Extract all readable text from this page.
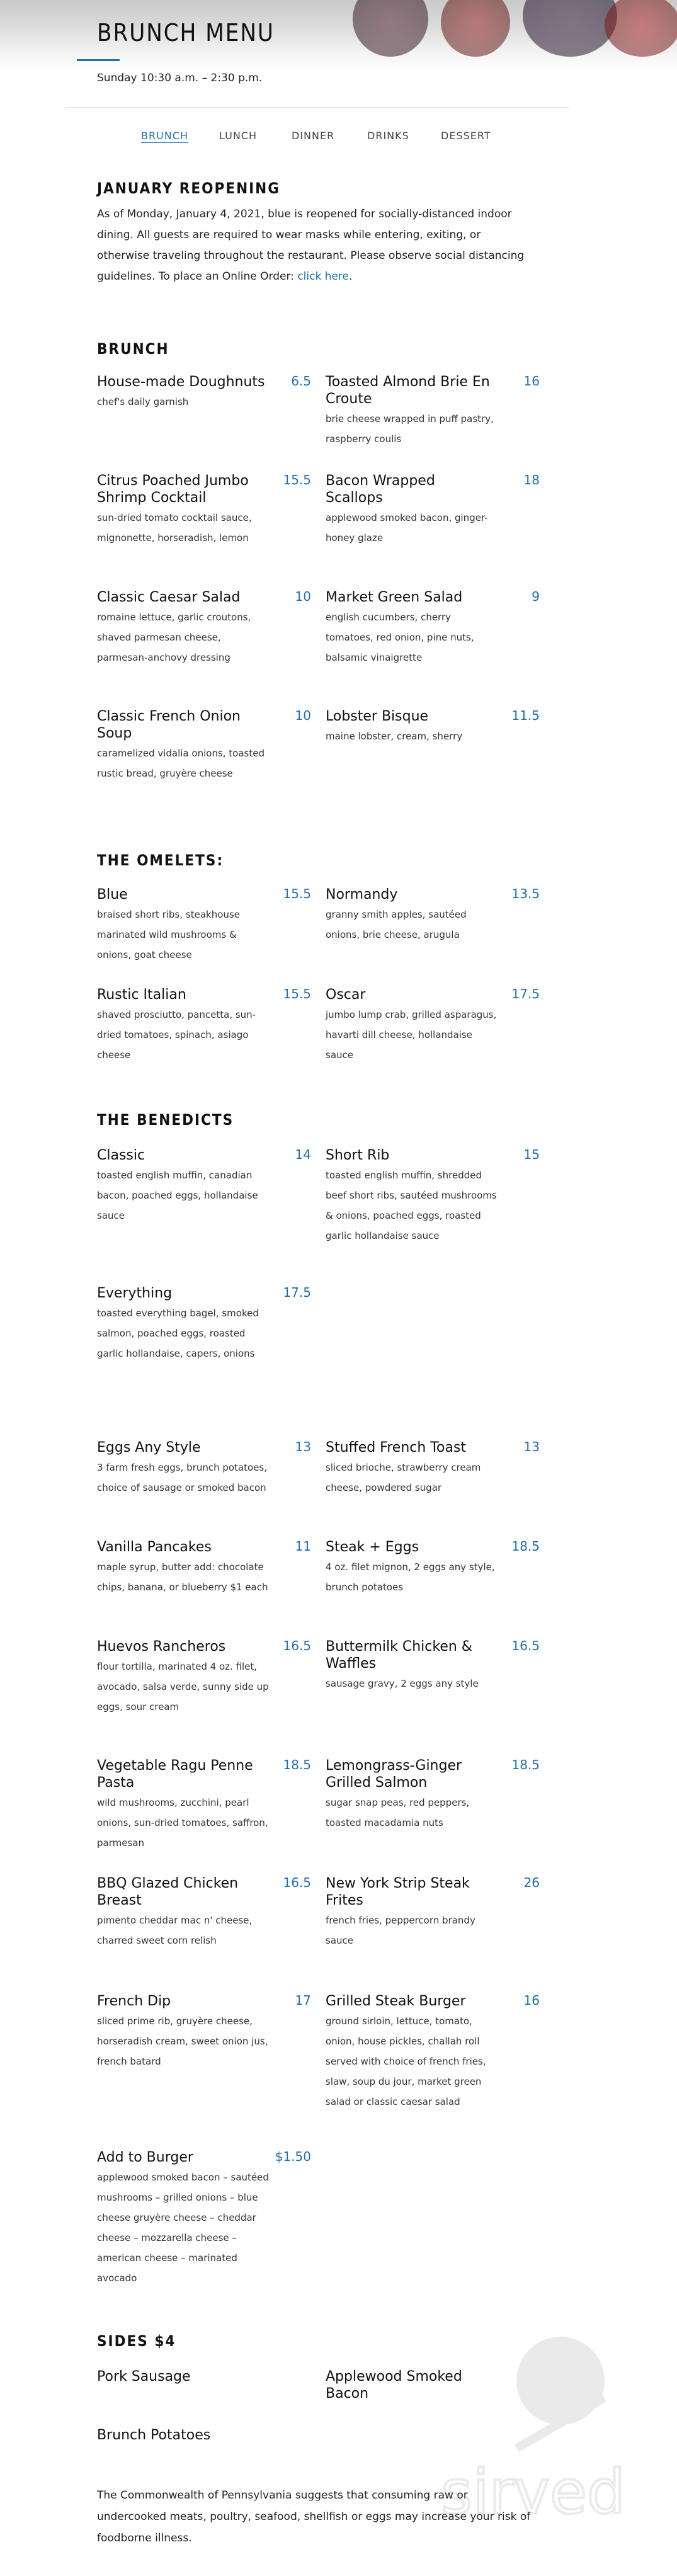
BRUNCH MENU
Sunday 10:30 a.m. – 2:30 p.m.
BRUNCH	LUNCH	DINNER	DRINKS	DESSERT
JANUARY REOPENING
As of Monday, January 4, 2021, blue is reopened for socially-distanced indoor dining. All guests are required to wear masks while entering, exiting, or otherwise traveling throughout the restaurant. Please observe social distancing guidelines. To place an Online Order: click here.
BRUNCH
THE OMELETS:
THE BENEDICTS
SIDES $4
House-made Doughnuts 6.5
chef's daily garnish
Toasted Almond Brie En Croute
16
brie cheese wrapped in puff pastry, raspberry coulis
Citrus Poached Jumbo Shrimp Cocktail
15.5
sun-dried tomato cocktail sauce, mignonette, horseradish, lemon
Bacon Wrapped Scallops
18
applewood smoked bacon, ginger-honey glaze
Classic Caesar Salad	10
romaine lettuce, garlic croutons, shaved parmesan cheese, parmesan-anchovy dressing
Market Green Salad	9
english cucumbers, cherry tomatoes, red onion, pine nuts, balsamic vinaigrette
Classic French Onion Soup
10
caramelized vidalia onions, toasted rustic bread, gruyère cheese
Lobster Bisque	11.5
maine lobster, cream, sherry
Blue	15.5
braised short ribs, steakhouse marinated wild mushrooms & onions, goat cheese
Normandy	13.5
granny smith apples, sautéed onions, brie cheese, arugula
Rustic Italian	15.5
shaved prosciutto, pancetta, sun-dried tomatoes, spinach, asiago cheese
Oscar	17.5
jumbo lump crab, grilled asparagus, havarti dill cheese, hollandaise sauce
Classic	14
toasted english muffin, canadian bacon, poached eggs, hollandaise sauce
Short Rib	15
toasted english muffin, shredded beef short ribs, sautéed mushrooms & onions, poached eggs, roasted garlic hollandaise sauce
Everything	17.5
toasted everything bagel, smoked salmon, poached eggs, roasted garlic hollandaise, capers, onions
Eggs Any Style	13
3 farm fresh eggs, brunch potatoes, choice of sausage or smoked bacon
Stuffed French Toast	13
sliced brioche, strawberry cream cheese, powdered sugar
Vanilla Pancakes	11
maple syrup, butter add: chocolate chips, banana, or blueberry $1 each
Steak + Eggs	18.5
4 oz. filet mignon, 2 eggs any style, brunch potatoes
Huevos Rancheros	16.5
flour tortilla, marinated 4 oz. filet, avocado, salsa verde, sunny side up eggs, sour cream
Buttermilk Chicken & Waffles
16.5
sausage gravy, 2 eggs any style
Vegetable Ragu Penne Pasta
18.5
wild mushrooms, zucchini, pearl onions, sun-dried tomatoes, saffron, parmesan
Lemongrass-Ginger Grilled Salmon
18.5
sugar snap peas, red peppers, toasted macadamia nuts
BBQ Glazed Chicken Breast
16.5
pimento cheddar mac n' cheese, charred sweet corn relish
New York Strip Steak Frites
26
french fries, peppercorn brandy sauce
French Dip	17
sliced prime rib, gruyère cheese, horseradish cream, sweet onion jus, french batard
Grilled Steak Burger	16
ground sirloin, lettuce, tomato, onion, house pickles, challah roll served with choice of french fries, slaw, soup du jour, market green salad or classic caesar salad
Add to Burger	$1.50
applewood smoked bacon – sautéed mushrooms – grilled onions – blue cheese gruyère cheese – cheddar cheese – mozzarella cheese – american cheese – marinated avocado
Pork Sausage	Applewood Smoked Bacon
Brunch Potatoes
sirved
The Commonwealth of Pennsylvania suggests that consuming raw or undercooked meats, poultry, seafood, shellfish or eggs may increase your risk of foodborne illness.
